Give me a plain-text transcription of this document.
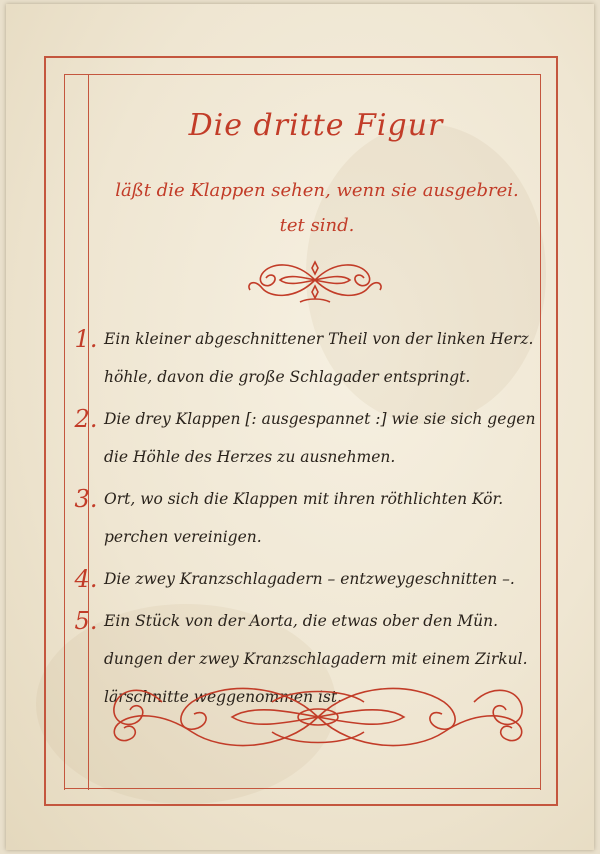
Die dritte Figur
läßt die Klappen sehen, wenn sie ausgebrei.
tet sind.
1. Ein kleiner abgeschnittener Theil von der linken Herz.
höhle, davon die große Schlagader entspringt.
2. Die drey Klappen [: ausgespannet :] wie sie sich gegen
die Höhle des Herzes zu ausnehmen.
3. Ort, wo sich die Klappen mit ihren röthlichten Kör.
perchen vereinigen.
4. Die zwey Kranzschlagadern – entzweygeschnitten –.
5. Ein Stück von der Aorta, die etwas ober den Mün.
dungen der zwey Kranzschlagadern mit einem Zirkul.
lärschnitte weggenommen ist.
